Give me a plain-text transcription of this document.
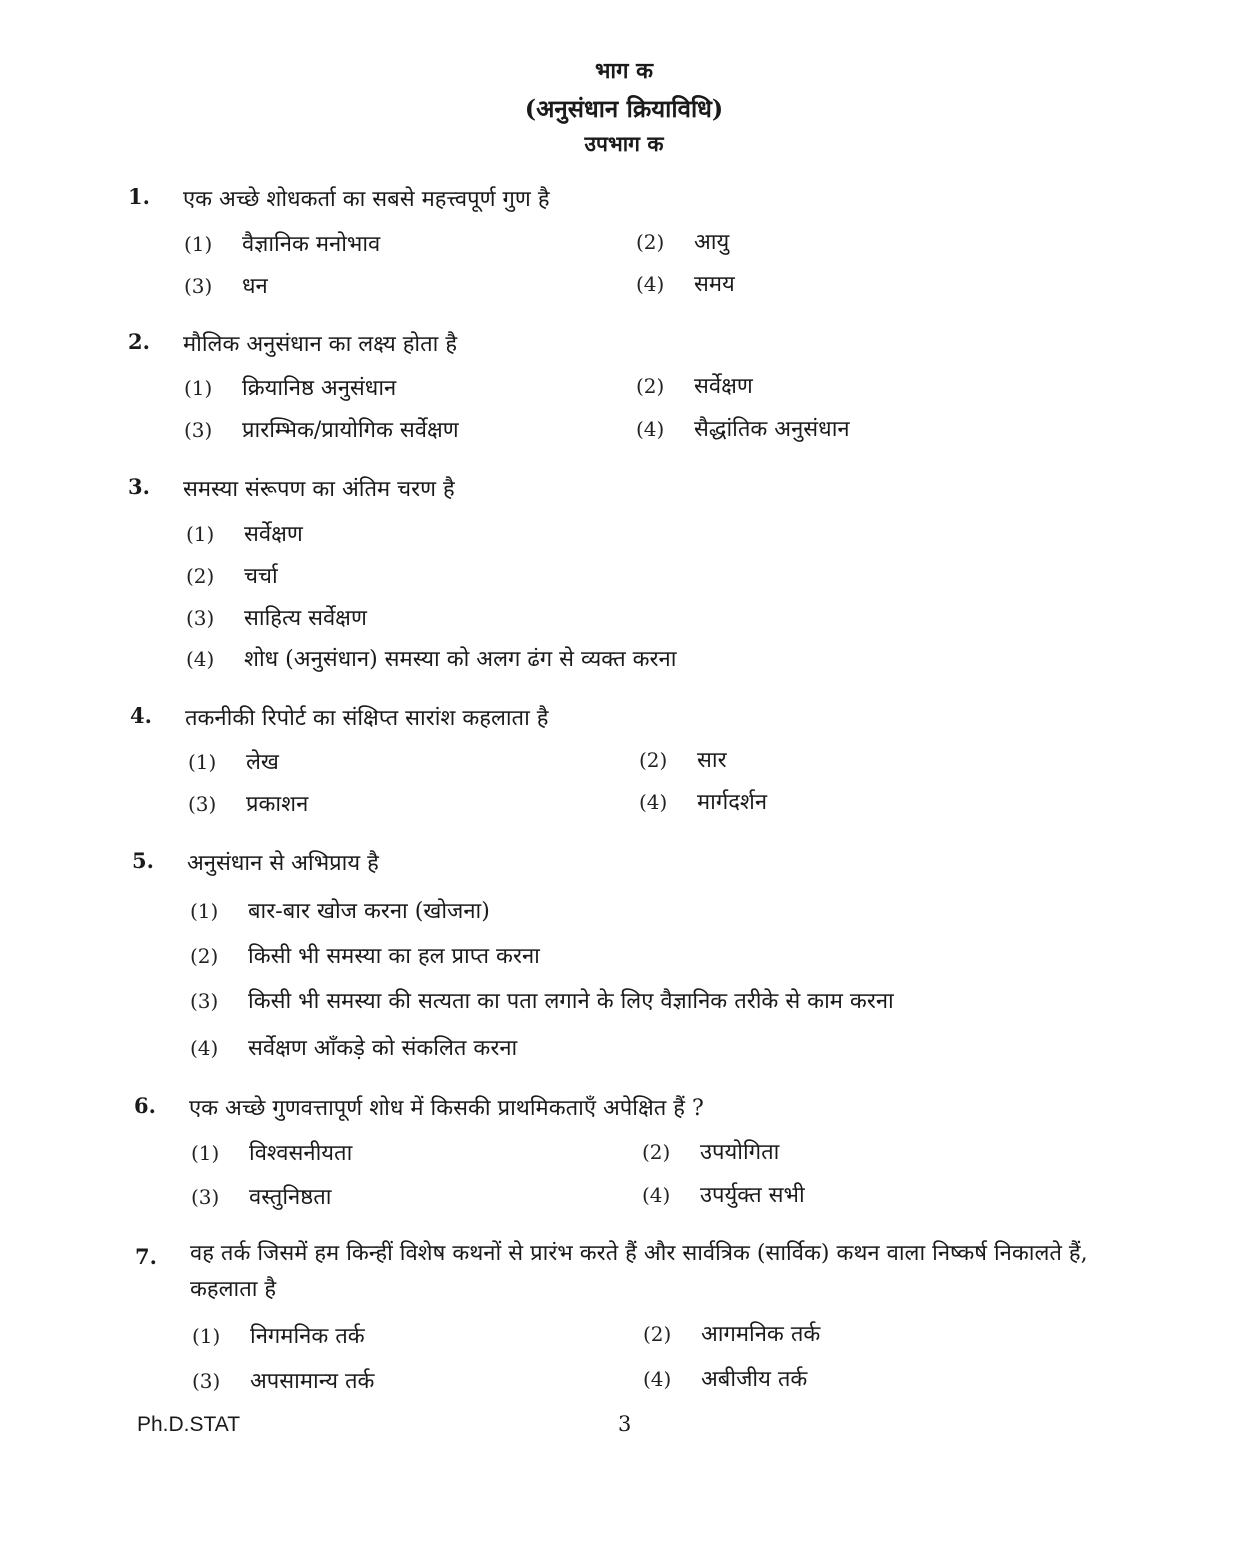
भाग क
(अनुसंधान क्रियाविधि)
उपभाग क
1. एक अच्छे शोधकर्ता का सबसे महत्त्वपूर्ण गुण है
(1) वैज्ञानिक मनोभाव	(2) आयु
(3) धन	(4) समय
2. मौलिक अनुसंधान का लक्ष्य होता है
(1) क्रियानिष्ठ अनुसंधान	(2) सर्वेक्षण
(3) प्रारम्भिक/प्रायोगिक सर्वेक्षण	(4) सैद्धांतिक अनुसंधान
3. समस्या संरूपण का अंतिम चरण है
(1) सर्वेक्षण
(2) चर्चा
(3) साहित्य सर्वेक्षण
(4) शोध (अनुसंधान) समस्या को अलग ढंग से व्यक्त करना
4. तकनीकी रिपोर्ट का संक्षिप्त सारांश कहलाता है
(1) लेख	(2) सार
(3) प्रकाशन	(4) मार्गदर्शन
5. अनुसंधान से अभिप्राय है
(1) बार-बार खोज करना (खोजना)
(2) किसी भी समस्या का हल प्राप्त करना
(3) किसी भी समस्या की सत्यता का पता लगाने के लिए वैज्ञानिक तरीके से काम करना
(4) सर्वेक्षण आँकड़े को संकलित करना
6. एक अच्छे गुणवत्तापूर्ण शोध में किसकी प्राथमिकताएँ अपेक्षित हैं ?
(1) विश्वसनीयता	(2) उपयोगिता
(3) वस्तुनिष्ठता	(4) उपर्युक्त सभी
7. वह तर्क जिसमें हम किन्हीं विशेष कथनों से प्रारंभ करते हैं और सार्वत्रिक (सार्विक) कथन वाला निष्कर्ष निकालते हैं, कहलाता है
(1) निगमनिक तर्क	(2) आगमनिक तर्क
(3) अपसामान्य तर्क	(4) अबीजीय तर्क
Ph.D.STAT	3
